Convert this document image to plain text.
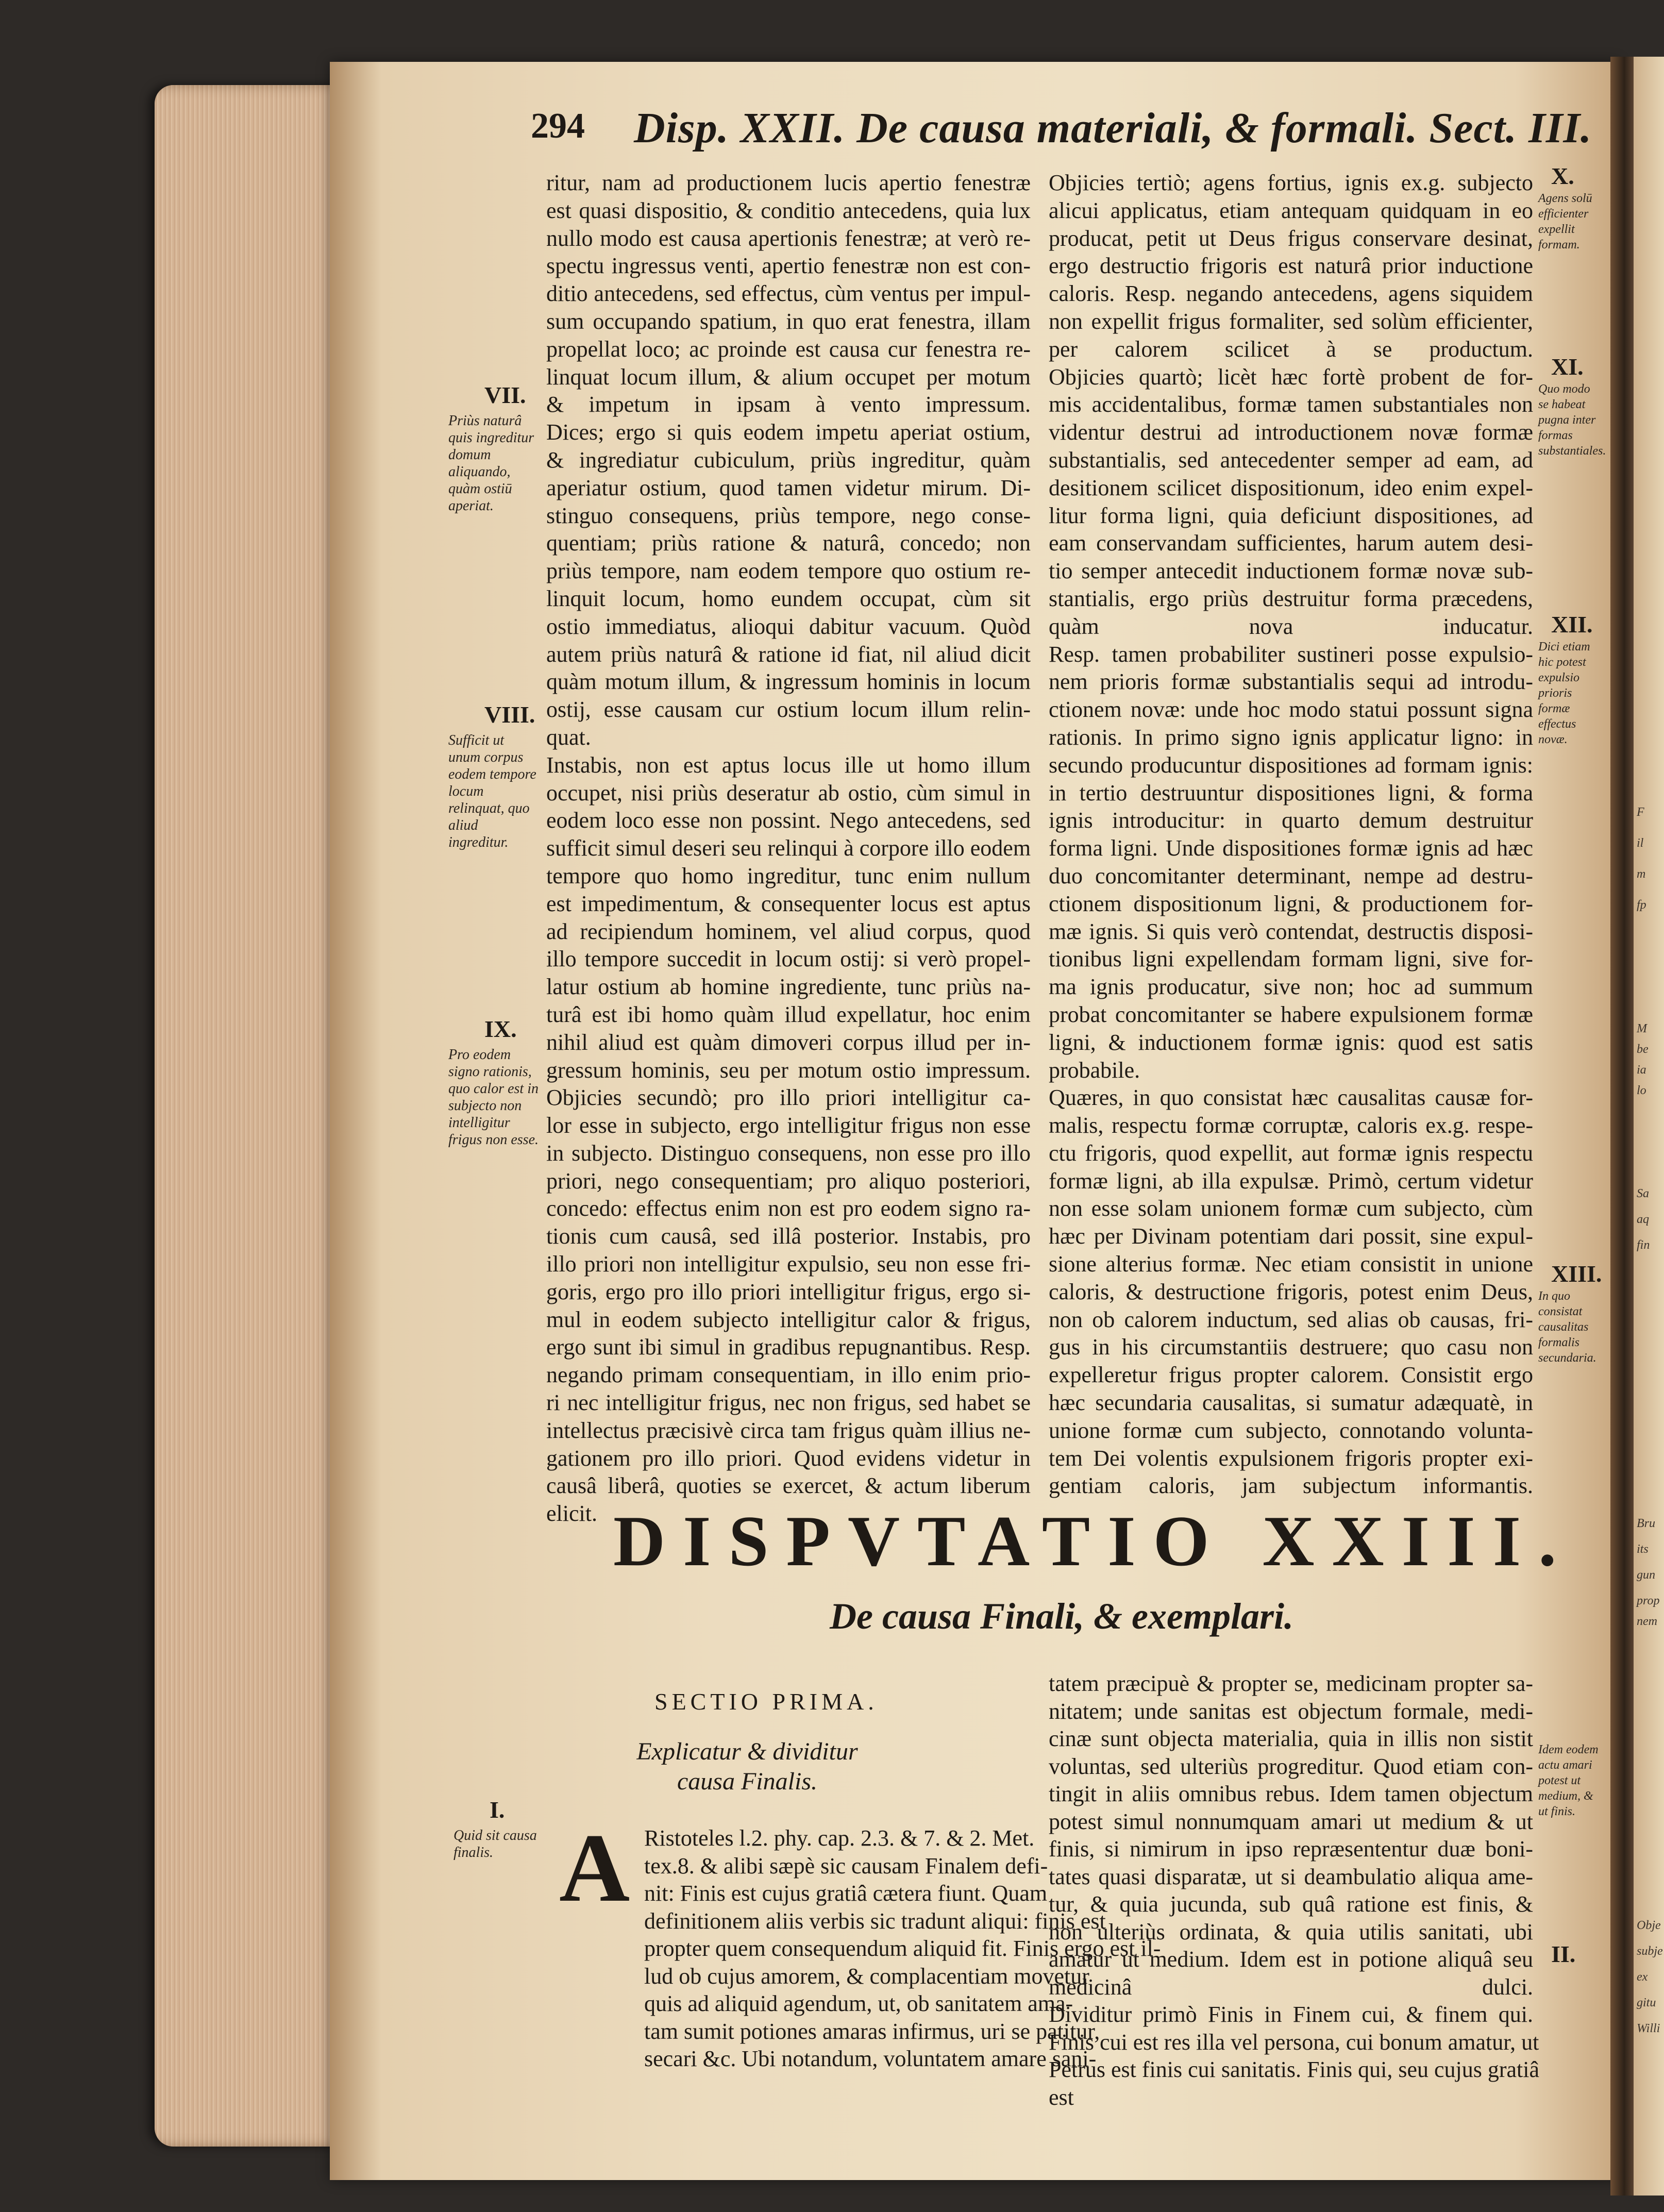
F
il
m
fp
M
be
ia
lo
Sa
aq
fin
Bru
its
gun
prop
nem
Obje
subje
ex
gitu
Willi
294 Disp. XXII. De causa materiali, & formali. Sect. III.
ritur, nam ad productionem lucis apertio fenestræ
est quasi dispositio, & conditio antecedens, quia lux
nullo modo est causa apertionis fenestræ; at verò re-
spectu ingressus venti, apertio fenestræ non est con-
ditio antecedens, sed effectus, cùm ventus per impul-
sum occupando spatium, in quo erat fenestra, illam
propellat loco; ac proinde est causa cur fenestra re-
linquat locum illum, & alium occupet per motum
& impetum in ipsam à vento impressum.
Dices; ergo si quis eodem impetu aperiat ostium,
& ingrediatur cubiculum, priùs ingreditur, quàm
aperiatur ostium, quod tamen videtur mirum. Di-
stinguo consequens, priùs tempore, nego conse-
quentiam; priùs ratione & naturâ, concedo; non
priùs tempore, nam eodem tempore quo ostium re-
linquit locum, homo eundem occupat, cùm sit
ostio immediatus, alioqui dabitur vacuum. Quòd
autem priùs naturâ & ratione id fiat, nil aliud dicit
quàm motum illum, & ingressum hominis in locum
ostij, esse causam cur ostium locum illum relin-
quat.
Instabis, non est aptus locus ille ut homo illum
occupet, nisi priùs deseratur ab ostio, cùm simul in
eodem loco esse non possint. Nego antecedens, sed
sufficit simul deseri seu relinqui à corpore illo eodem
tempore quo homo ingreditur, tunc enim nullum
est impedimentum, & consequenter locus est aptus
ad recipiendum hominem, vel aliud corpus, quod
illo tempore succedit in locum ostij: si verò propel-
latur ostium ab homine ingrediente, tunc priùs na-
turâ est ibi homo quàm illud expellatur, hoc enim
nihil aliud est quàm dimoveri corpus illud per in-
gressum hominis, seu per motum ostio impressum.
Objicies secundò; pro illo priori intelligitur ca-
lor esse in subjecto, ergo intelligitur frigus non esse
in subjecto. Distinguo consequens, non esse pro illo
priori, nego consequentiam; pro aliquo posteriori,
concedo: effectus enim non est pro eodem signo ra-
tionis cum causâ, sed illâ posterior. Instabis, pro
illo priori non intelligitur expulsio, seu non esse fri-
goris, ergo pro illo priori intelligitur frigus, ergo si-
mul in eodem subjecto intelligitur calor & frigus,
ergo sunt ibi simul in gradibus repugnantibus. Resp.
negando primam consequentiam, in illo enim prio-
ri nec intelligitur frigus, nec non frigus, sed habet se
intellectus præcisivè circa tam frigus quàm illius ne-
gationem pro illo priori. Quod evidens videtur in
causâ liberâ, quoties se exercet, & actum liberum
elicit.
Objicies tertiò; agens fortius, ignis ex.g. subjecto
alicui applicatus, etiam antequam quidquam in eo
producat, petit ut Deus frigus conservare desinat,
ergo destructio frigoris est naturâ prior inductione
caloris. Resp. negando antecedens, agens siquidem
non expellit frigus formaliter, sed solùm efficienter,
per calorem scilicet à se productum.
Objicies quartò; licèt hæc fortè probent de for-
mis accidentalibus, formæ tamen substantiales non
videntur destrui ad introductionem novæ formæ
substantialis, sed antecedenter semper ad eam, ad
desitionem scilicet dispositionum, ideo enim expel-
litur forma ligni, quia deficiunt dispositiones, ad
eam conservandam sufficientes, harum autem desi-
tio semper antecedit inductionem formæ novæ sub-
stantialis, ergo priùs destruitur forma præcedens,
quàm nova inducatur.
Resp. tamen probabiliter sustineri posse expulsio-
nem prioris formæ substantialis sequi ad introdu-
ctionem novæ: unde hoc modo statui possunt signa
rationis. In primo signo ignis applicatur ligno: in
secundo producuntur dispositiones ad formam ignis:
in tertio destruuntur dispositiones ligni, & forma
ignis introducitur: in quarto demum destruitur
forma ligni. Unde dispositiones formæ ignis ad hæc
duo concomitanter determinant, nempe ad destru-
ctionem dispositionum ligni, & productionem for-
mæ ignis. Si quis verò contendat, destructis disposi-
tionibus ligni expellendam formam ligni, sive for-
ma ignis producatur, sive non; hoc ad summum
probat concomitanter se habere expulsionem formæ
ligni, & inductionem formæ ignis: quod est satis
probabile.
Quæres, in quo consistat hæc causalitas causæ for-
malis, respectu formæ corruptæ, caloris ex.g. respe-
ctu frigoris, quod expellit, aut formæ ignis respectu
formæ ligni, ab illa expulsæ. Primò, certum videtur
non esse solam unionem formæ cum subjecto, cùm
hæc per Divinam potentiam dari possit, sine expul-
sione alterius formæ. Nec etiam consistit in unione
caloris, & destructione frigoris, potest enim Deus,
non ob calorem inductum, sed alias ob causas, fri-
gus in his circumstantiis destruere; quo casu non
expelleretur frigus propter calorem. Consistit ergo
hæc secundaria causalitas, si sumatur adæquatè, in
unione formæ cum subjecto, connotando volunta-
tem Dei volentis expulsionem frigoris propter exi-
gentiam caloris, jam subjectum informantis.
VII.
Priùs naturâ quis ingreditur domum aliquando, quàm ostiū aperiat.
VIII.
Sufficit ut unum corpus eodem tempore locum relinquat, quo aliud ingreditur.
IX.
Pro eodem signo rationis, quo calor est in subjecto non intelligitur frigus non esse.
I.
Quid sit causa finalis.
X.
Agens solū efficienter expellit formam.
XI.
Quo modo se habeat pugna inter formas substantiales.
XII.
Dici etiam hic potest expulsio prioris formæ effectus novæ.
XIII.
In quo consistat causalitas formalis secundaria.
Idem eodem actu amari potest ut medium, & ut finis.
II.
DISPVTATIO XXIII.
De causa Finali, & exemplari.
SECTIO PRIMA.
Explicatur & dividitur causa Finalis.
A Ristoteles l.2. phy. cap. 2.3. & 7. & 2. Met.
tex.8. & alibi sæpè sic causam Finalem defi-
nit: Finis est cujus gratiâ cætera fiunt. Quam
definitionem aliis verbis sic tradunt aliqui: finis est
propter quem consequendum aliquid fit. Finis ergo est il-
lud ob cujus amorem, & complacentiam movetur
quis ad aliquid agendum, ut, ob sanitatem ama-
tam sumit potiones amaras infirmus, uri se patitur,
secari &c. Ubi notandum, voluntatem amare sani-
tatem præcipuè & propter se, medicinam propter sa-
nitatem; unde sanitas est objectum formale, medi-
cinæ sunt objecta materialia, quia in illis non sistit
voluntas, sed ulteriùs progreditur. Quod etiam con-
tingit in aliis omnibus rebus. Idem tamen objectum
potest simul nonnumquam amari ut medium & ut
finis, si nimirum in ipso repræsententur duæ boni-
tates quasi disparatæ, ut si deambulatio aliqua ame-
tur, & quia jucunda, sub quâ ratione est finis, &
non ulteriùs ordinata, & quia utilis sanitati, ubi
amatur ut medium. Idem est in potione aliquâ seu
medicinâ dulci.
Dividitur primò Finis in Finem cui, & finem qui.
Finis cui est res illa vel persona, cui bonum amatur, ut
Petrus est finis cui sanitatis. Finis qui, seu cujus gratiâ
est
